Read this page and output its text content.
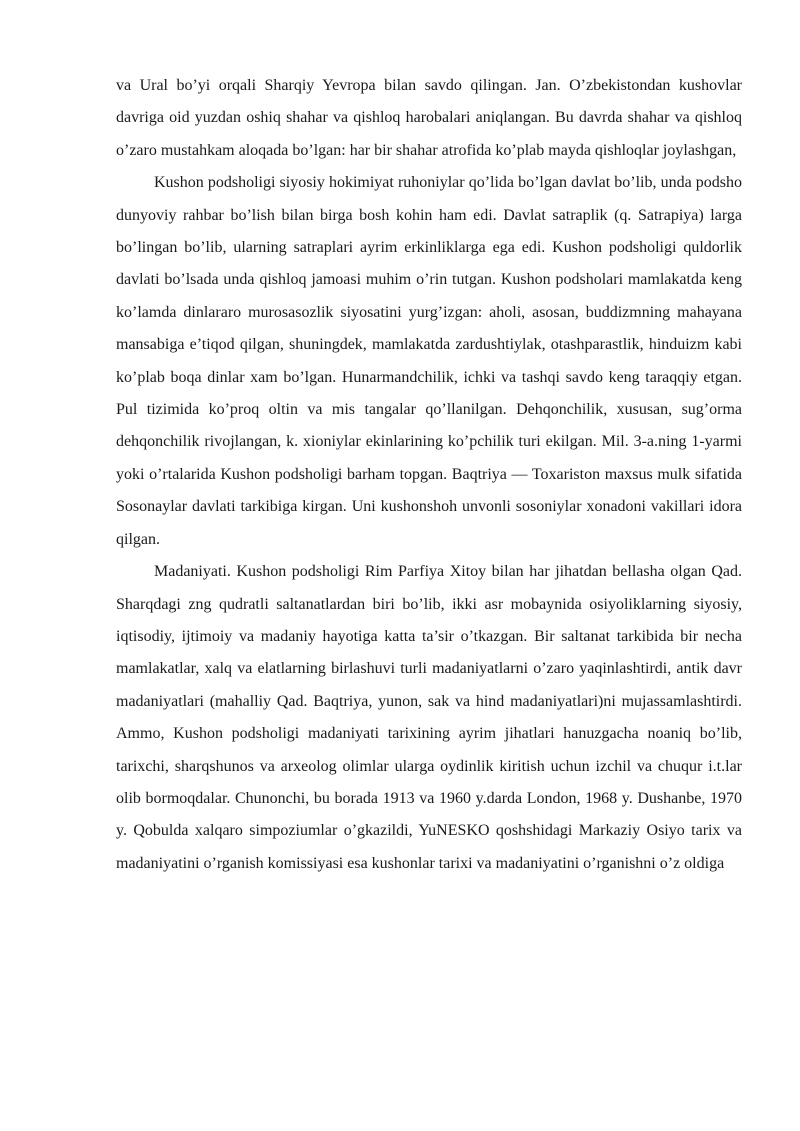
va Ural bo’yi orqali Sharqiy Yevropa bilan savdo qilingan. Jan. O’zbekistondan kushovlar davriga oid yuzdan oshiq shahar va qishloq harobalari aniqlangan. Bu davrda shahar va qishloq o’zaro mustahkam aloqada bo’lgan: har bir shahar atrofida ko’plab mayda qishloqlar joylashgan,

Kushon podsholigi siyosiy hokimiyat ruhoniylar qo’lida bo’lgan davlat bo’lib, unda podsho dunyoviy rahbar bo’lish bilan birga bosh kohin ham edi. Davlat satraplik (q. Satrapiya) larga bo’lingan bo’lib, ularning satraplari ayrim erkinliklarga ega edi. Kushon podsholigi quldorlik davlati bo’lsada unda qishloq jamoasi muhim o’rin tutgan. Kushon podsholari mamlakatda keng ko’lamda dinlararo murosasozlik siyosatini yurg’izgan: aholi, asosan, buddizmning mahayana mansabiga e’tiqod qilgan, shuningdek, mamlakatda zardushtiylak, otashparastlik, hinduizm kabi ko’plab boqa dinlar xam bo’lgan. Hunarmandchilik, ichki va tashqi savdo keng taraqqiy etgan. Pul tizimida ko’proq oltin va mis tangalar qo’llanilgan. Dehqonchilik, xususan, sug’orma dehqonchilik rivojlangan, k. xioniylar ekinlarining ko’pchilik turi ekilgan. Mil. 3-a.ning 1-yarmi yoki o’rtalarida Kushon podsholigi barham topgan. Baqtriya — Toxariston maxsus mulk sifatida Sosonaylar davlati tarkibiga kirgan. Uni kushonshoh unvonli sosoniylar xonadoni vakillari idora qilgan.

Madaniyati. Kushon podsholigi Rim Parfiya Xitoy bilan har jihatdan bellasha olgan Qad. Sharqdagi zng qudratli saltanatlardan biri bo’lib, ikki asr mobaynida osiyoliklarning siyosiy, iqtisodiy, ijtimoiy va madaniy hayotiga katta ta’sir o’tkazgan. Bir saltanat tarkibida bir necha mamlakatlar, xalq va elatlarning birlashuvi turli madaniyatlarni o’zaro yaqinlashtirdi, antik davr madaniyatlari (mahalliy Qad. Baqtriya, yunon, sak va hind madaniyatlari)ni mujassamlashtirdi. Ammo, Kushon podsholigi madaniyati tarixining ayrim jihatlari hanuzgacha noaniq bo’lib, tarixchi, sharqshunos va arxeolog olimlar ularga oydinlik kiritish uchun izchil va chuqur i.t.lar olib bormoqdalar. Chunonchi, bu borada 1913 va 1960 y.darda London, 1968 y. Dushanbe, 1970 y. Qobulda xalqaro simpoziumlar o’gkazildi, YuNESKO qoshshidagi Markaziy Osiyo tarix va madaniyatini o’rganish komissiyasi esa kushonlar tarixi va madaniyatini o’rganishni o’z oldiga
